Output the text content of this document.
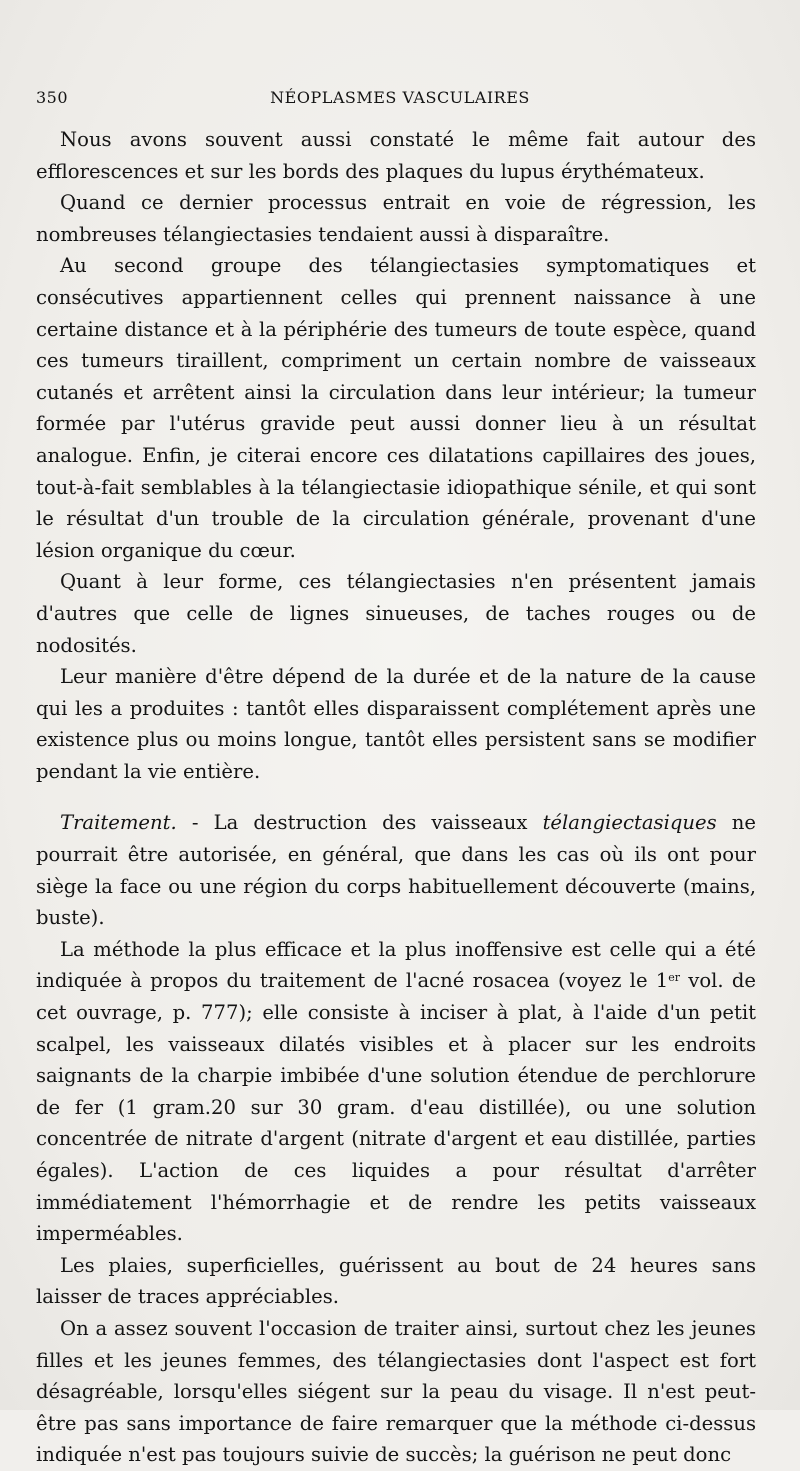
350	NÉOPLASMES VASCULAIRES

Nous avons souvent aussi constaté le même fait autour des efflorescences et sur les bords des plaques du lupus érythémateux.

Quand ce dernier processus entrait en voie de régression, les nombreuses télangiectasies tendaient aussi à disparaître.

Au second groupe des télangiectasies symptomatiques et consécutives appartiennent celles qui prennent naissance à une certaine distance et à la périphérie des tumeurs de toute espèce, quand ces tumeurs tiraillent, compriment un certain nombre de vaisseaux cutanés et arrêtent ainsi la circulation dans leur intérieur; la tumeur formée par l'utérus gravide peut aussi donner lieu à un résultat analogue. Enfin, je citerai encore ces dilatations capillaires des joues, tout-à-fait semblables à la télangiectasie idiopathique sénile, et qui sont le résultat d'un trouble de la circulation générale, provenant d'une lésion organique du cœur.

Quant à leur forme, ces télangiectasies n'en présentent jamais d'autres que celle de lignes sinueuses, de taches rouges ou de nodosités.

Leur manière d'être dépend de la durée et de la nature de la cause qui les a produites : tantôt elles disparaissent complétement après une existence plus ou moins longue, tantôt elles persistent sans se modifier pendant la vie entière.

Traitement. - La destruction des vaisseaux télangiectasiques ne pourrait être autorisée, en général, que dans les cas où ils ont pour siège la face ou une région du corps habituellement découverte (mains, buste).

La méthode la plus efficace et la plus inoffensive est celle qui a été indiquée à propos du traitement de l'acné rosacea (voyez le 1er vol. de cet ouvrage, p. 777); elle consiste à inciser à plat, à l'aide d'un petit scalpel, les vaisseaux dilatés visibles et à placer sur les endroits saignants de la charpie imbibée d'une solution étendue de perchlorure de fer (1 gram.20 sur 30 gram. d'eau distillée), ou une solution concentrée de nitrate d'argent (nitrate d'argent et eau distillée, parties égales). L'action de ces liquides a pour résultat d'arrêter immédiatement l'hémorrhagie et de rendre les petits vaisseaux imperméables.

Les plaies, superficielles, guérissent au bout de 24 heures sans laisser de traces appréciables.

On a assez souvent l'occasion de traiter ainsi, surtout chez les jeunes filles et les jeunes femmes, des télangiectasies dont l'aspect est fort désagréable, lorsqu'elles siégent sur la peau du visage. Il n'est peut-être pas sans importance de faire remarquer que la méthode ci-dessus indiquée n'est pas toujours suivie de succès; la guérison ne peut donc
